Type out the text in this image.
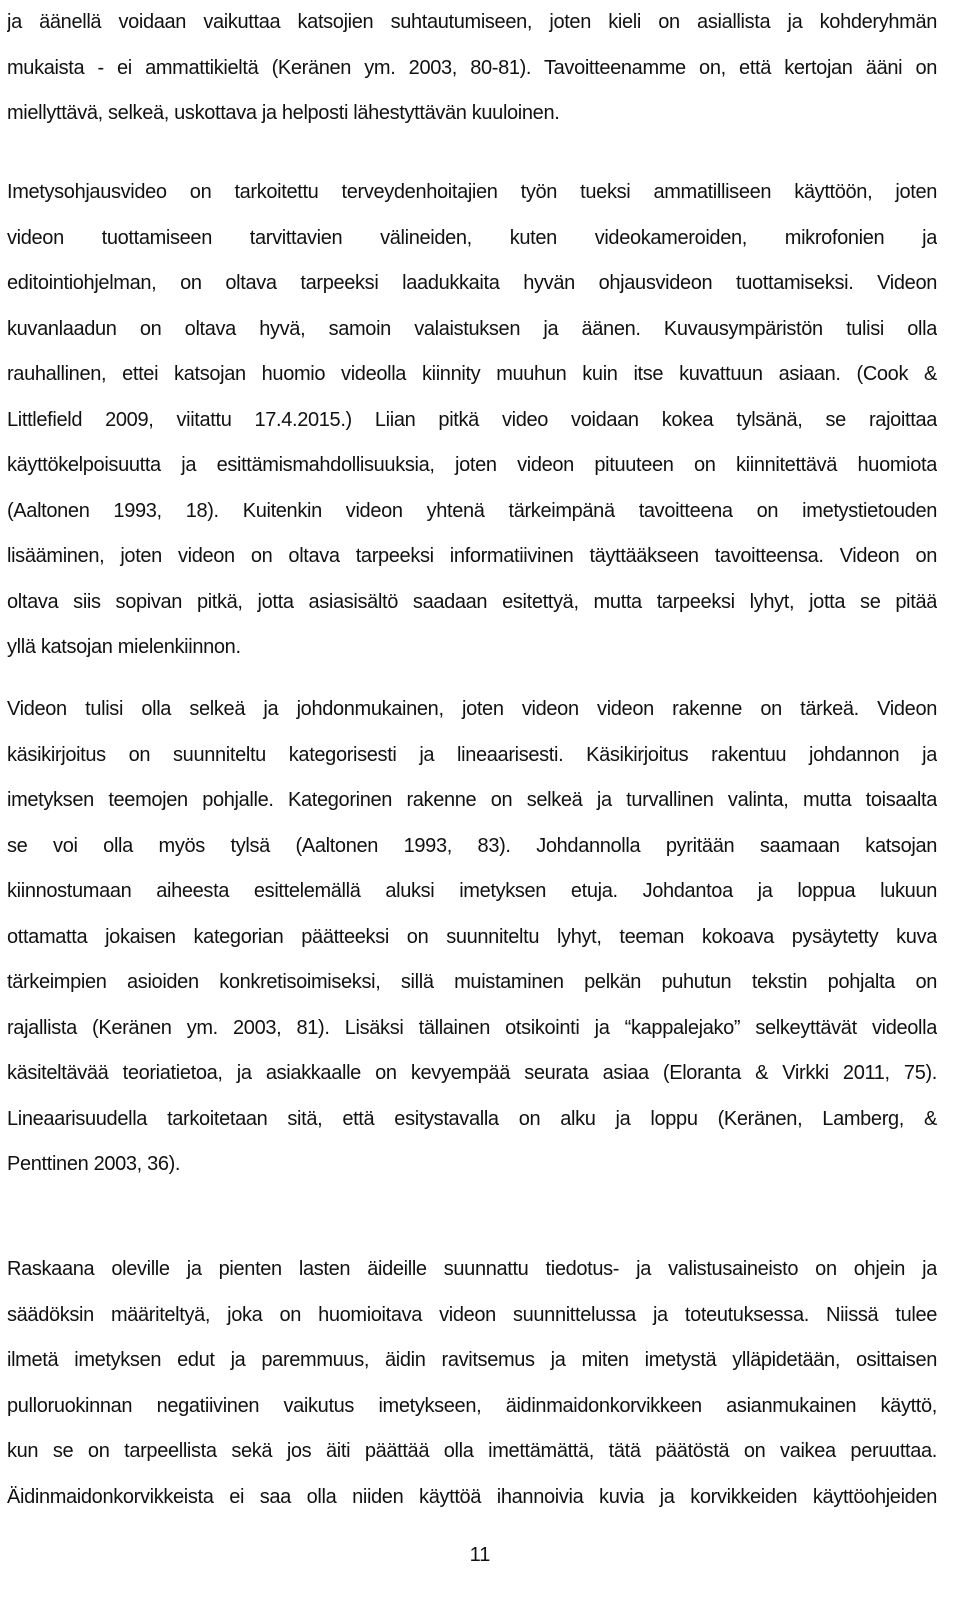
ja äänellä voidaan vaikuttaa katsojien suhtautumiseen, joten kieli on asiallista ja kohderyhmän
mukaista - ei ammattikieltä (Keränen ym. 2003, 80-81). Tavoitteenamme on, että kertojan ääni on
miellyttävä, selkeä, uskottava ja helposti lähestyttävän kuuloinen.
Imetysohjausvideo on tarkoitettu terveydenhoitajien työn tueksi ammatilliseen käyttöön, joten
videon tuottamiseen tarvittavien välineiden, kuten videokameroiden, mikrofonien ja
editointiohjelman, on oltava tarpeeksi laadukkaita hyvän ohjausvideon tuottamiseksi. Videon
kuvanlaadun on oltava hyvä, samoin valaistuksen ja äänen. Kuvausympäristön tulisi olla
rauhallinen, ettei katsojan huomio videolla kiinnity muuhun kuin itse kuvattuun asiaan. (Cook &
Littlefield 2009, viitattu 17.4.2015.) Liian pitkä video voidaan kokea tylsänä, se rajoittaa
käyttökelpoisuutta ja esittämismahdollisuuksia, joten videon pituuteen on kiinnitettävä huomiota
(Aaltonen 1993, 18). Kuitenkin videon yhtenä tärkeimpänä tavoitteena on imetystietouden
lisääminen, joten videon on oltava tarpeeksi informatiivinen täyttääkseen tavoitteensa. Videon on
oltava siis sopivan pitkä, jotta asiasisältö saadaan esitettyä, mutta tarpeeksi lyhyt, jotta se pitää
yllä katsojan mielenkiinnon.
Videon tulisi olla selkeä ja johdonmukainen, joten videon videon rakenne on tärkeä. Videon
käsikirjoitus on suunniteltu kategorisesti ja lineaarisesti. Käsikirjoitus rakentuu johdannon ja
imetyksen teemojen pohjalle. Kategorinen rakenne on selkeä ja turvallinen valinta, mutta toisaalta
se voi olla myös tylsä (Aaltonen 1993, 83). Johdannolla pyritään saamaan katsojan
kiinnostumaan aiheesta esittelemällä aluksi imetyksen etuja. Johdantoa ja loppua lukuun
ottamatta jokaisen kategorian päätteeksi on suunniteltu lyhyt, teeman kokoava pysäytetty kuva
tärkeimpien asioiden konkretisoimiseksi, sillä muistaminen pelkän puhutun tekstin pohjalta on
rajallista (Keränen ym. 2003, 81). Lisäksi tällainen otsikointi ja “kappalejako” selkeyttävät videolla
käsiteltävää teoriatietoa, ja asiakkaalle on kevyempää seurata asiaa (Eloranta & Virkki 2011, 75).
Lineaarisuudella tarkoitetaan sitä, että esitystavalla on alku ja loppu (Keränen, Lamberg, &
Penttinen 2003, 36).
Raskaana oleville ja pienten lasten äideille suunnattu tiedotus- ja valistusaineisto on ohjein ja
säädöksin määriteltyä, joka on huomioitava videon suunnittelussa ja toteutuksessa. Niissä tulee
ilmetä imetyksen edut ja paremmuus, äidin ravitsemus ja miten imetystä ylläpidetään, osittaisen
pulloruokinnan negatiivinen vaikutus imetykseen, äidinmaidonkorvikkeen asianmukainen käyttö,
kun se on tarpeellista sekä jos äiti päättää olla imettämättä, tätä päätöstä on vaikea peruuttaa.
Äidinmaidonkorvikkeista ei saa olla niiden käyttöä ihannoivia kuvia ja korvikkeiden käyttöohjeiden
11
